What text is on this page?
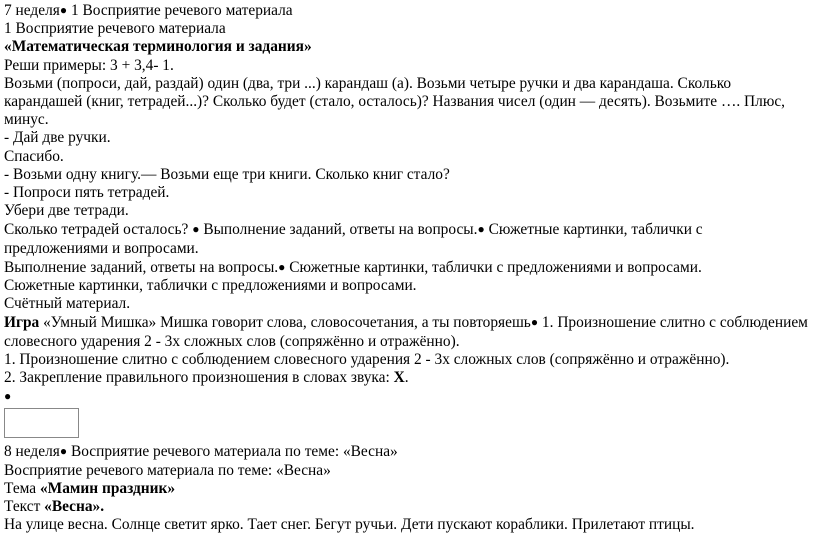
7 неделя● 1 Восприятие речевого материала

1 Восприятие речевого материала

«Математическая терминология и задания»

Реши примеры: 3 + 3,4- 1.

Возьми (попроси, дай, раздай) один (два, три ...) карандаш (а). Возьми четыре ручки и два карандаша. Сколько карандашей (книг, тетрадей...)? Сколько будет (стало, осталось)? Названия чисел (один — десять). Возьмите …. Плюс, минус.

- Дай две ручки.

Спасибо.

- Возьми одну книгу.— Возьми еще три книги. Сколько книг стало?

- Попроси пять тетрадей.

Убери две тетради.

Сколько тетрадей осталось? ● Выполнение заданий, ответы на вопросы.● Сюжетные картинки, таблички с предложениями и вопросами.

Выполнение заданий, ответы на вопросы.● Сюжетные картинки, таблички с предложениями и вопросами.

Сюжетные картинки, таблички с предложениями и вопросами.

Счётный материал.

Игра «Умный Мишка» Мишка говорит слова, словосочетания, а ты повторяешь● 1. Произношение слитно с соблюдением словесного ударения 2 - 3х сложных слов (сопряжённо и отражённо).

1. Произношение слитно с соблюдением словесного ударения 2 - 3х сложных слов (сопряжённо и отражённо).

2. Закрепление правильного произношения в словах звука: Х.

●

8 неделя● Восприятие речевого материала по теме: «Весна»

Восприятие речевого материала по теме: «Весна»

Тема «Мамин праздник»

Текст «Весна».

На улице весна. Солнце светит ярко. Тает снег. Бегут ручьи. Дети пускают кораблики. Прилетают птицы.
